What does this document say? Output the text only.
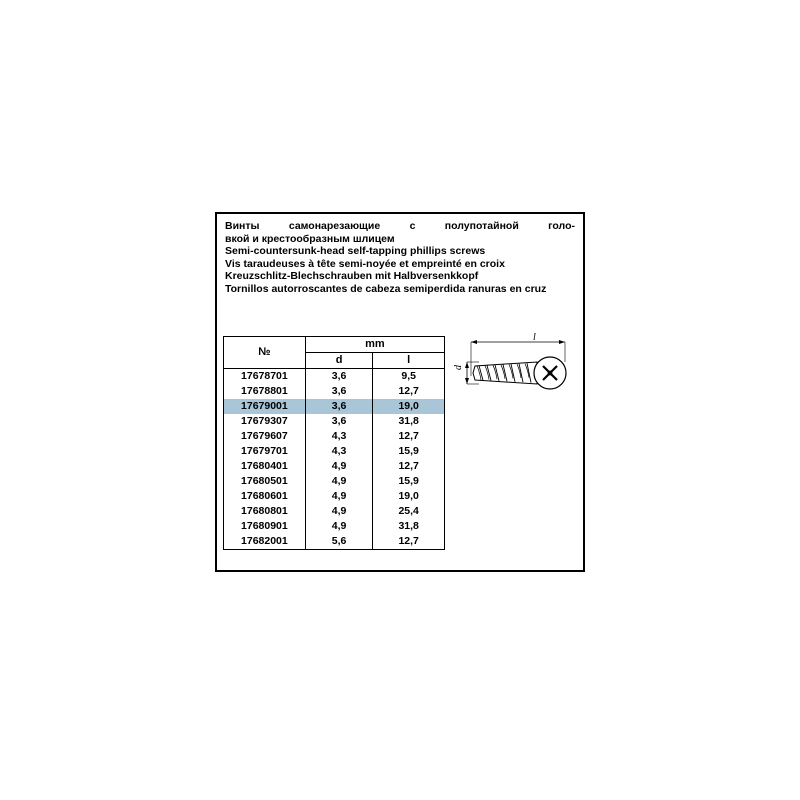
Винты самонарезающие с полупотайной голо-
вкой и крестообразным шлицем
Semi-countersunk-head self-tapping phillips screws
Vis taraudeuses à tête semi-noyée et empreinté en croix
Kreuzschlitz-Blechschrauben mit Halbversenkkopf
Tornillos autorroscantes de cabeza semiperdida ranuras en cruz
№	mm	
	d	l
17678701	3,6	9,5
17678801	3,6	12,7
17679001	3,6	19,0
17679307	3,6	31,8
17679607	4,3	12,7
17679701	4,3	15,9
17680401	4,9	12,7
17680501	4,9	15,9
17680601	4,9	19,0
17680801	4,9	25,4
17680901	4,9	31,8
17682001	5,6	12,7
l
d
